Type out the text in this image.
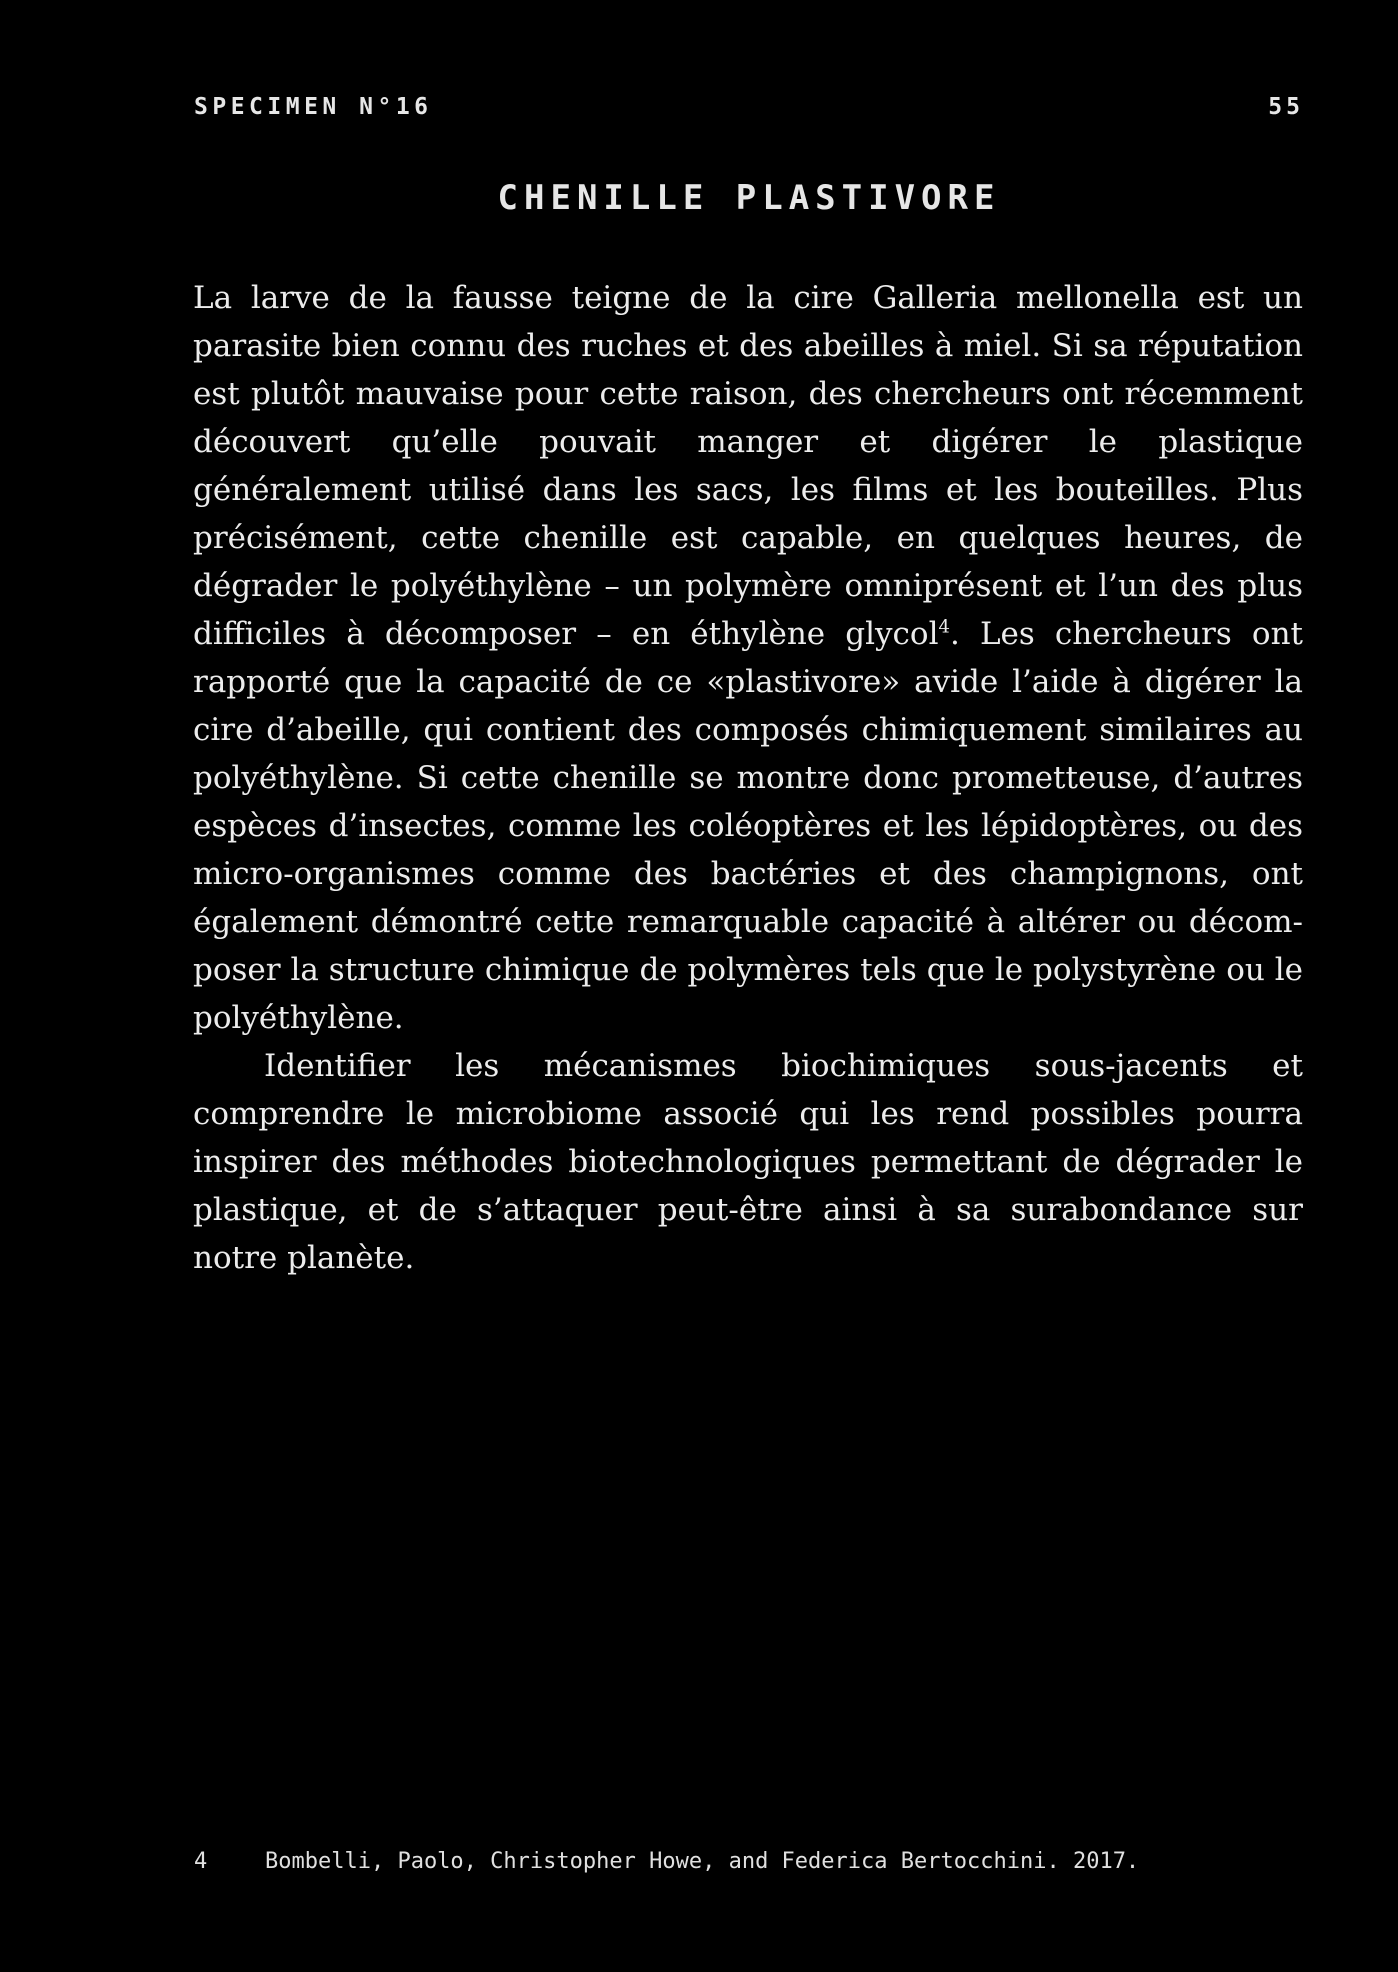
SPECIMEN N°16	55
CHENILLE PLASTIVORE

La larve de la fausse teigne de la cire Galleria mellonella est un parasite bien connu des ruches et des abeilles à miel. Si sa réputation est plutôt mauvaise pour cette raison, des chercheurs ont récemment découvert qu’elle pouvait manger et digérer le plastique généralement utilisé dans les sacs, les films et les bouteilles. Plus précisément, cette chenille est capable, en quelques heures, de dégrader le polyéthylène – un polymère omniprésent et l’un des plus difficiles à décomposer – en éthylène glycol$^4$. Les chercheurs ont rapporté que la capacité de ce «plastivore» avide l’aide à digérer la cire d’abeille, qui contient des composés chimiquement similaires au polyéthylène. Si cette chenille se montre donc prometteuse, d’autres espèces d’insectes, comme les coléoptères et les lépidoptères, ou des micro-organismes comme des bactéries et des champignons, ont également démontré cette remarquable capacité à altérer ou décomposer la structure chimique de polymères tels que le polystyrène ou le polyéthylène.

Identifier les mécanismes biochimiques sous-jacents et comprendre le microbiome associé qui les rend possibles pourra inspirer des méthodes biotechnologiques permettant de dégrader le plastique, et de s’attaquer peut-être ainsi à sa surabondance sur notre planète.

4	Bombelli, Paolo, Christopher Howe, and Federica Bertocchini. 2017.
